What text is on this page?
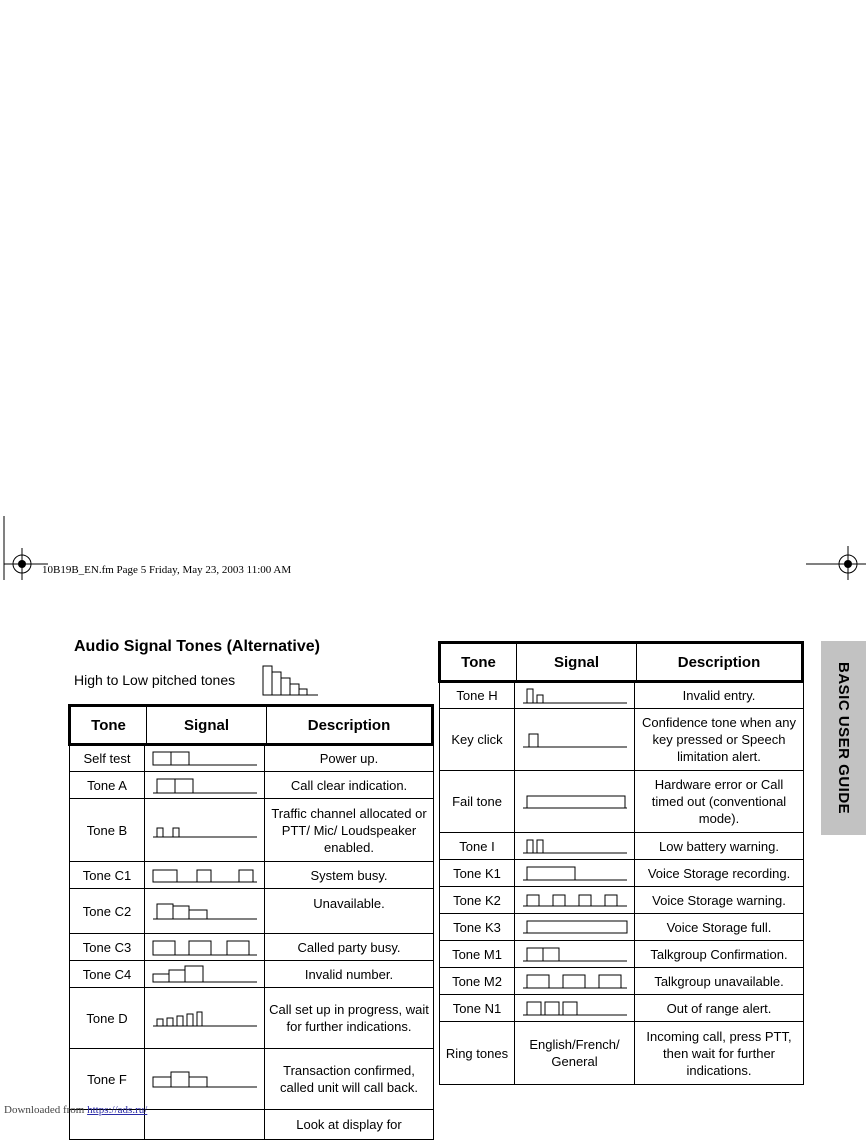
10B19B_EN.fm Page 5 Friday, May 23, 2003 11:00 AM
Audio Signal Tones (Alternative)
High to Low pitched tones
Self test		Power up.
Tone A		Call clear indication.
Tone B		Traffic channel allocated or PTT/ Mic/ Loudspeaker enabled.
Tone C1		System busy.
Tone C2		Unavailable.
Tone C3		Called party busy.
Tone C4		Invalid number.
Tone D		Call set up in progress, wait for further indications.
Tone F		Transaction confirmed, called unit will call back.
		Look at display for
Tone	Signal	Description
Tone H		Invalid entry.
Key click		Confidence tone when any key pressed or Speech limitation alert.
Fail tone		Hardware error or Call timed out (conventional mode).
Tone I		Low battery warning.
Tone K1		Voice Storage recording.
Tone K2		Voice Storage warning.
Tone K3		Voice Storage full.
Tone M1		Talkgroup Confirmation.
Tone M2		Talkgroup unavailable.
Tone N1		Out of range alert.
Ring tones	English/French/ General	Incoming call, press PTT, then wait for further indications.
Tone	Signal	Description	BASIC USER GUIDE
Downloaded from https://ads.ru/
